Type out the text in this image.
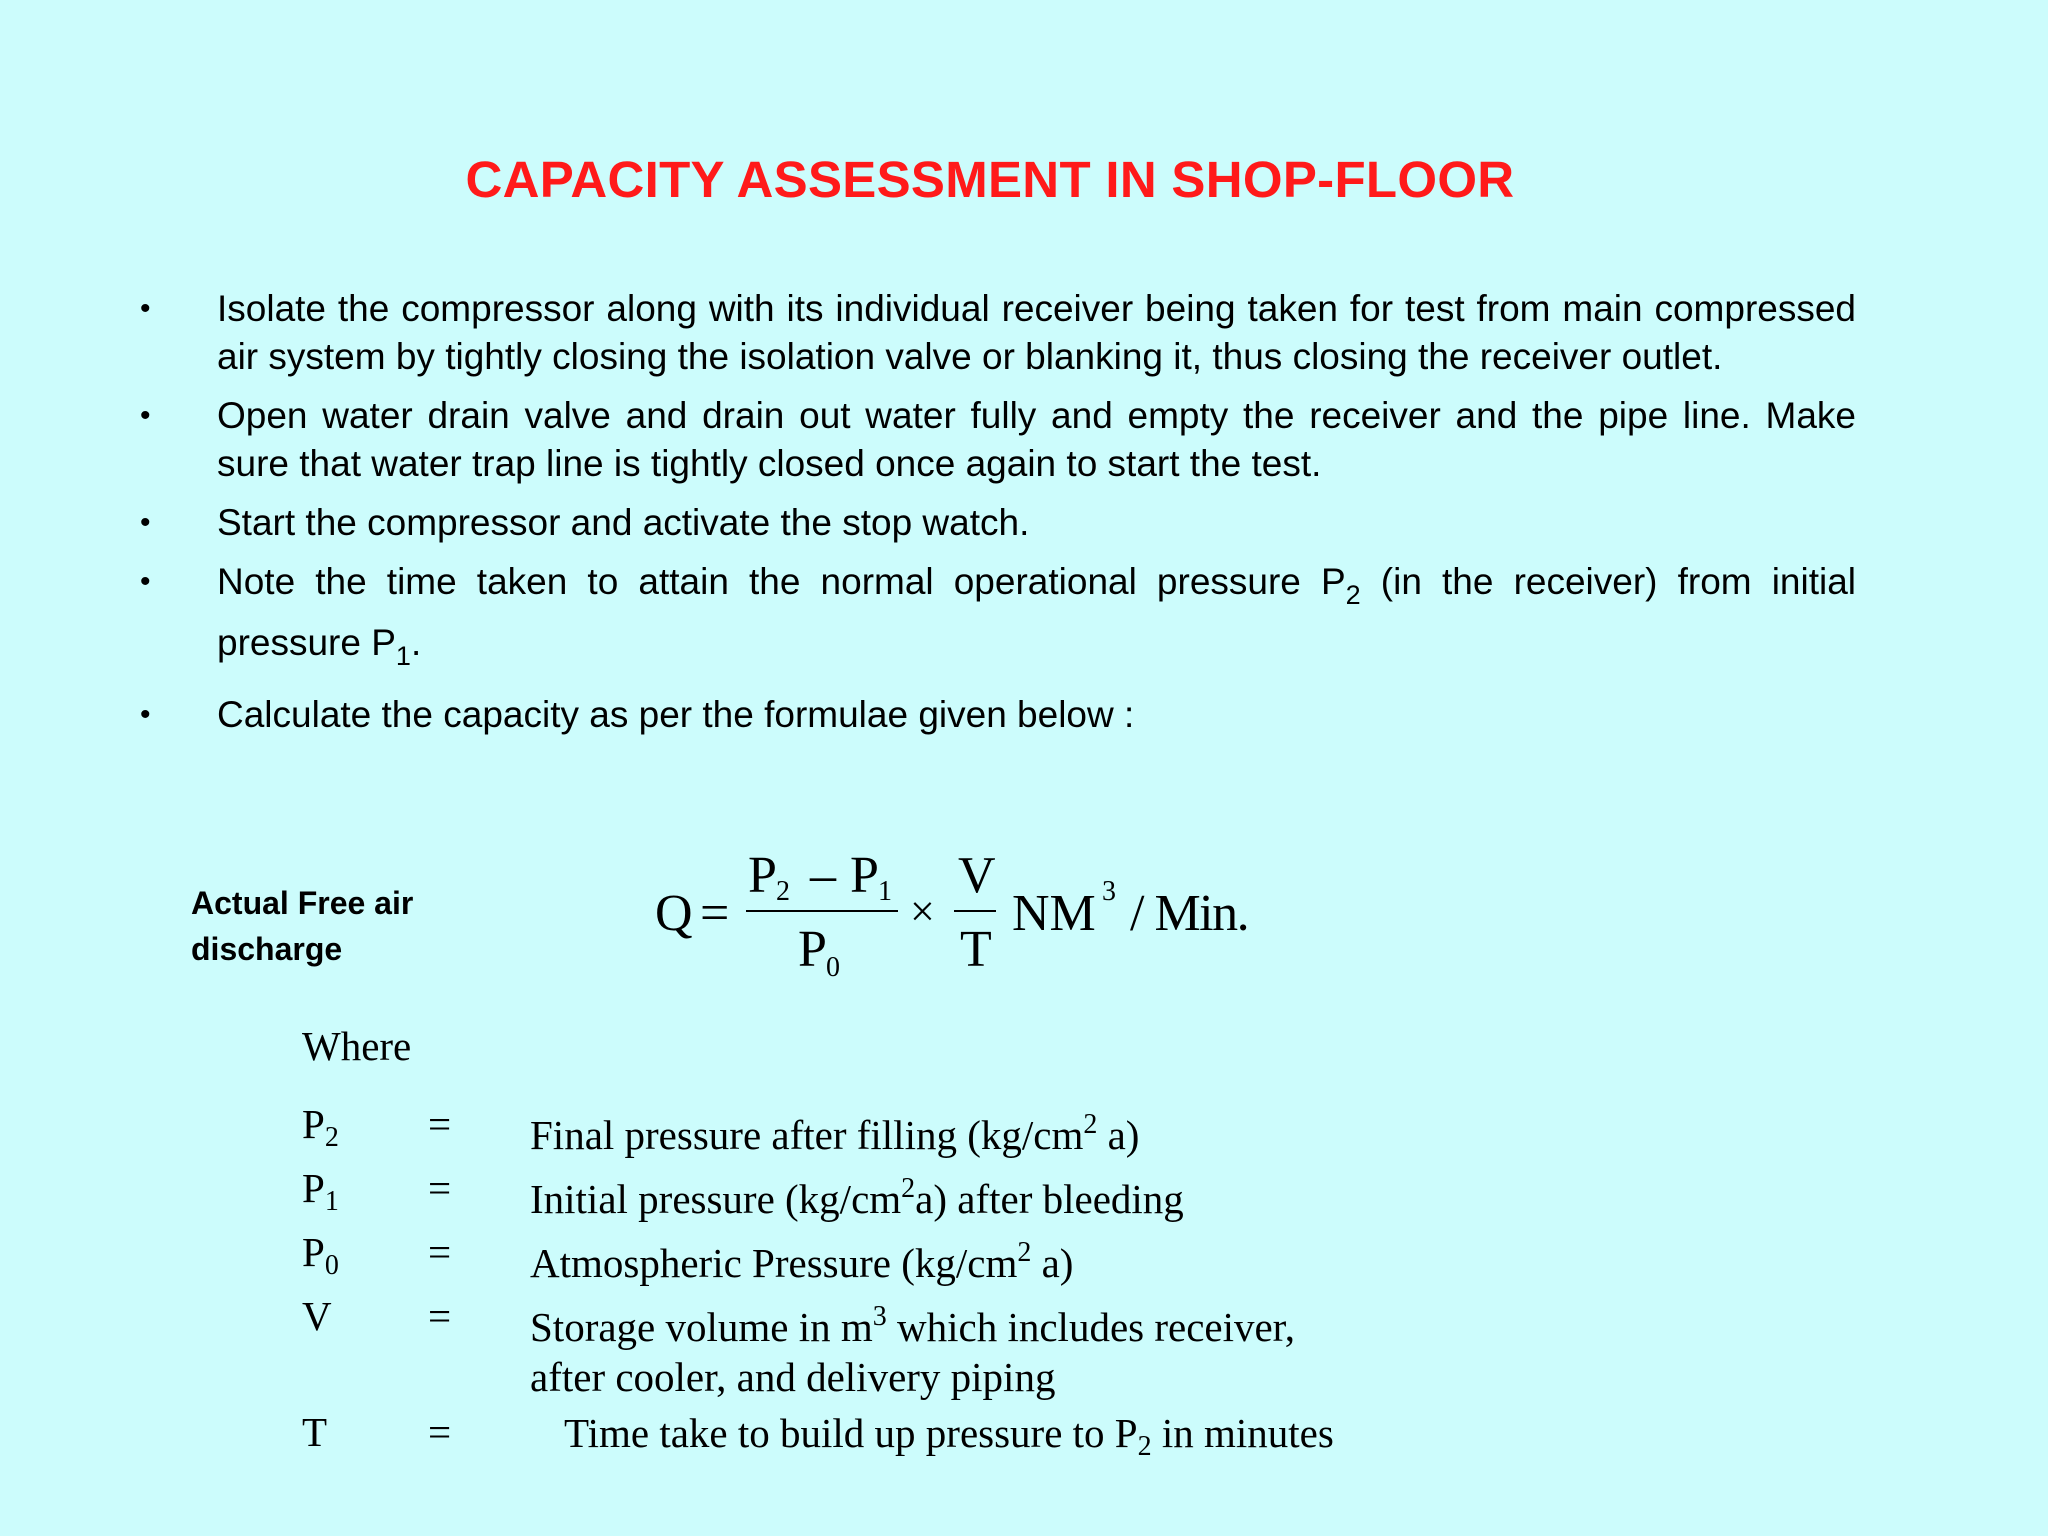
CAPACITY ASSESSMENT IN SHOP-FLOOR
• Isolate the compressor along with its individual receiver being taken for test from main compressed air system by tightly closing the isolation valve or blanking it, thus closing the receiver outlet.
• Open water drain valve and drain out water fully and empty the receiver and the pipe line. Make sure that water trap line is tightly closed once again to start the test.
• Start the compressor and activate the stop watch.
• Note the time taken to attain the normal operational pressure $P_2$ (in the receiver) from initial pressure $P_1$.
• Calculate the capacity as per the formulae given below :
Actual Free air
discharge
Q =
P 2 – P 1
P 0
×
V
T
NM 3 / Min.
Where
$P_2$ = Final pressure after filling ($kg/cm^2$ a)
$P_1$ = Initial pressure $(kg/cm^2a)$ after bleeding
$P_0$ = Atmospheric Pressure ($kg/cm^2$ a)
V = Storage volume in $m^3$ which includes receiver,
after cooler, and delivery piping
T =	Time take to build up pressure to $P_2$ in minutes
